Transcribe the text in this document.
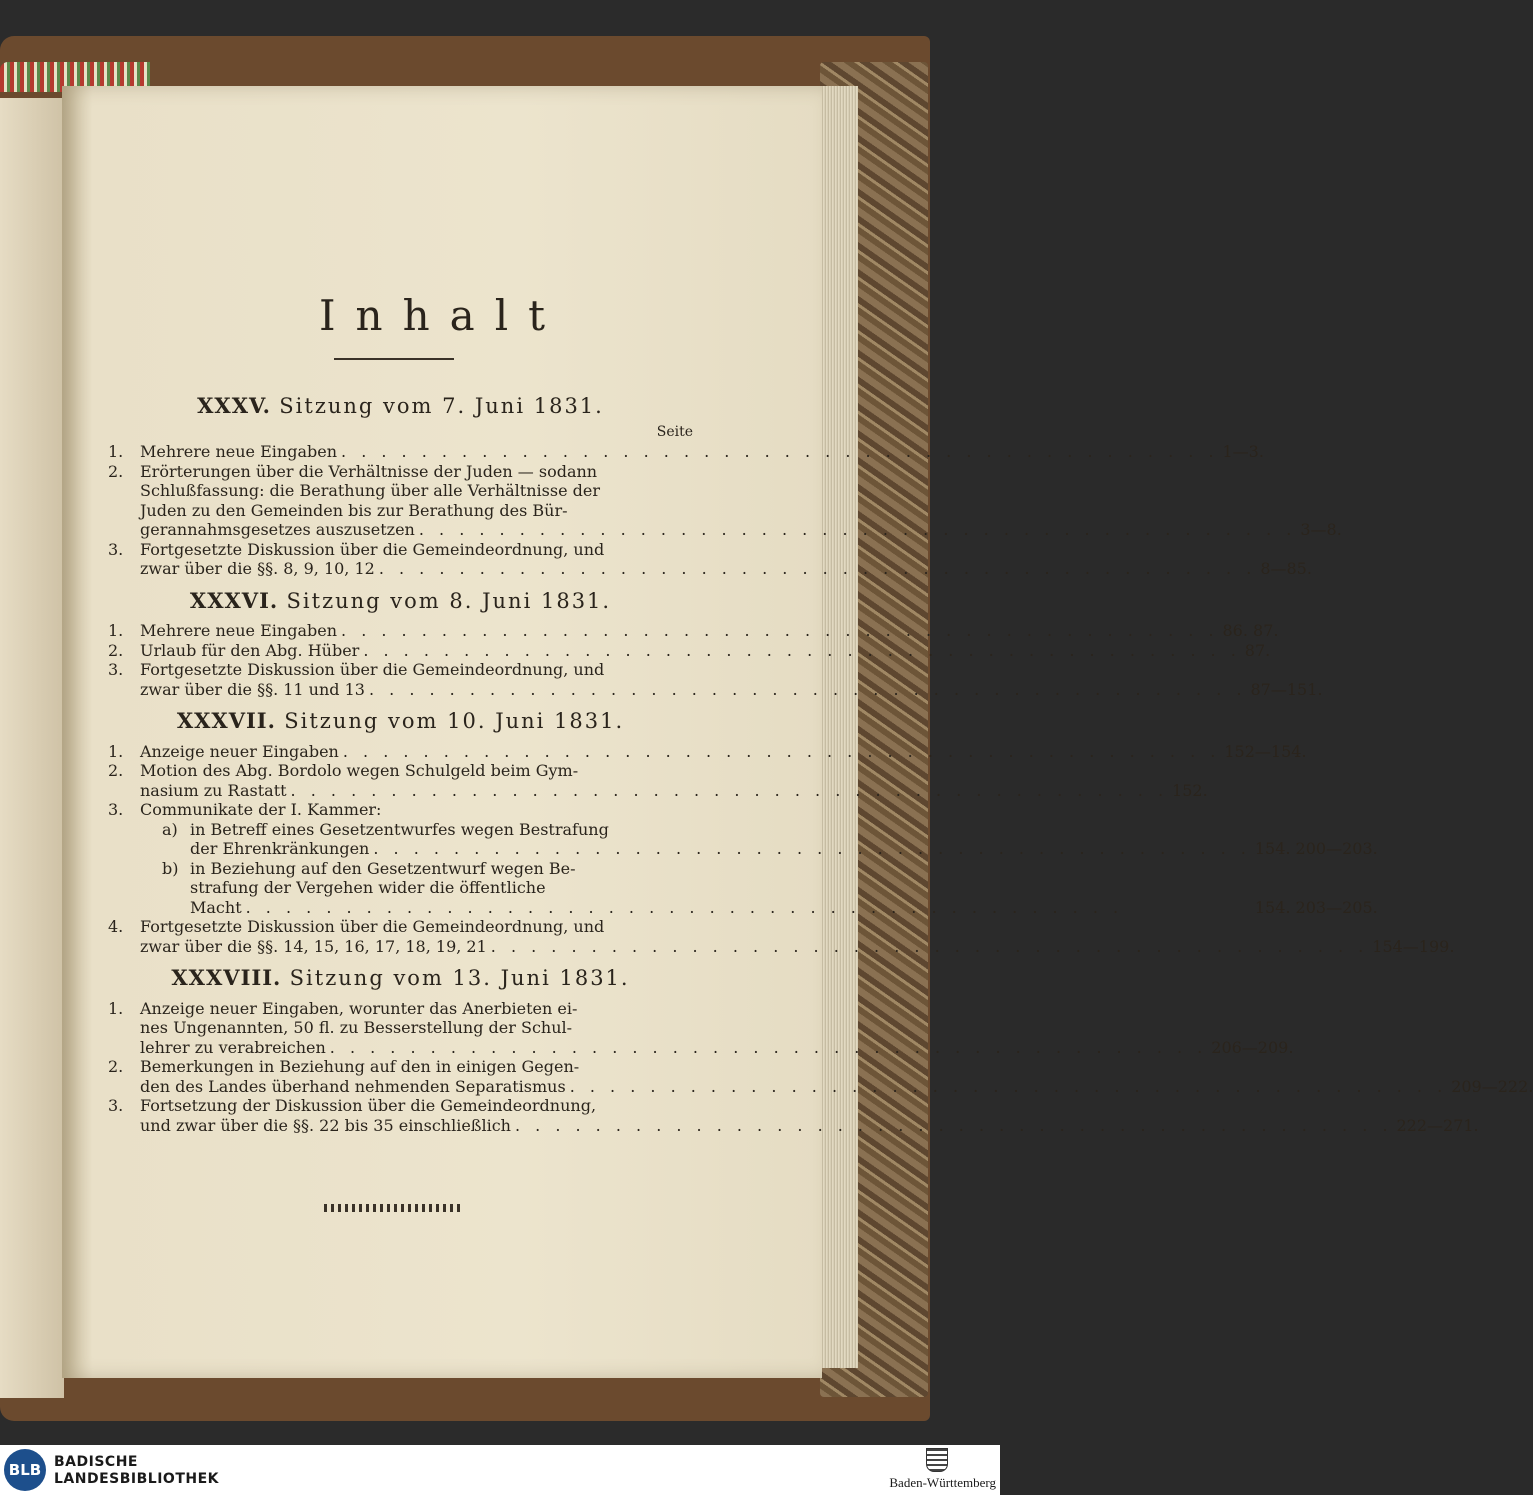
Inhalt
XXXV. Sitzung vom 7. Juni 1831.
Seite
1.	Mehrere neue Eingaben . . .	1—3.
2.	Erörterungen über die Verhältnisse der Juden — sodann
Schlußfassung: die Berathung über alle Verhältnisse der
Juden zu den Gemeinden bis zur Berathung des Bür-
gerannahmsgesetzes auszusetzen . . .	3—8.
3.	Fortgesetzte Diskussion über die Gemeindeordnung, und
zwar über die §§. 8, 9, 10, 12 . . .	8—85.
XXXVI. Sitzung vom 8. Juni 1831.
1.	Mehrere neue Eingaben . . .	86. 87.
2.	Urlaub für den Abg. Hüber . . .	87.
3.	Fortgesetzte Diskussion über die Gemeindeordnung, und
zwar über die §§. 11 und 13 . . .	87—151.
XXXVII. Sitzung vom 10. Juni 1831.
1.	Anzeige neuer Eingaben . . .	152—154.
2.	Motion des Abg. Bordolo wegen Schulgeld beim Gym-
nasium zu Rastatt . . .	152.
3.	Communikate der I. Kammer:
a) in Betreff eines Gesetzentwurfes wegen Bestrafung
der Ehrenkränkungen . . .	154. 200—203.
b) in Beziehung auf den Gesetzentwurf wegen Be-
strafung der Vergehen wider die öffentliche
Macht . . .	154. 203—205.
4.	Fortgesetzte Diskussion über die Gemeindeordnung, und
zwar über die §§. 14, 15, 16, 17, 18, 19, 21 . . .	154—199.
XXXVIII. Sitzung vom 13. Juni 1831.
1.	Anzeige neuer Eingaben, worunter das Anerbieten ei-
nes Ungenannten, 50 fl. zu Besserstellung der Schul-
lehrer zu verabreichen . . .	206—209.
2.	Bemerkungen in Beziehung auf den in einigen Gegen-
den des Landes überhand nehmenden Separatismus . . .	209—222.
3.	Fortsetzung der Diskussion über die Gemeindeordnung,
und zwar über die §§. 22 bis 35 einschließlich . . .	222—271.
BLB BADISCHE
LANDESBIBLIOTHEK	Baden-Württemberg
